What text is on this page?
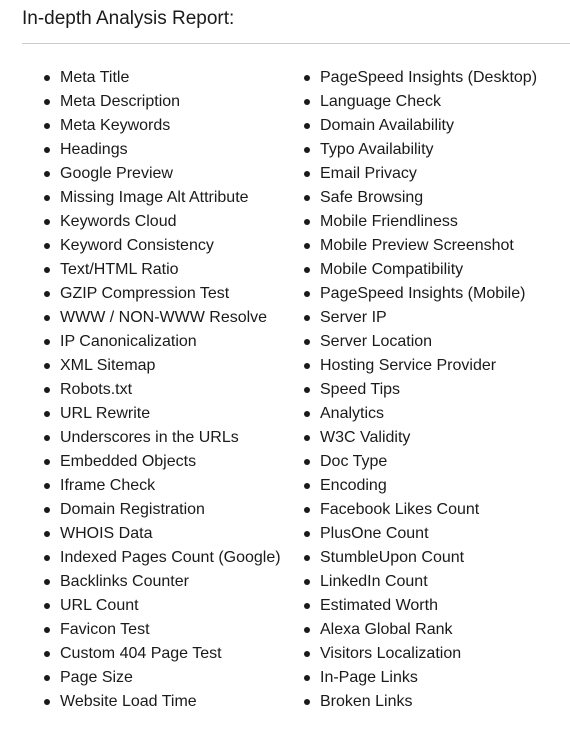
In-depth Analysis Report:
Meta Title
Meta Description
Meta Keywords
Headings
Google Preview
Missing Image Alt Attribute
Keywords Cloud
Keyword Consistency
Text/HTML Ratio
GZIP Compression Test
WWW / NON-WWW Resolve
IP Canonicalization
XML Sitemap
Robots.txt
URL Rewrite
Underscores in the URLs
Embedded Objects
Iframe Check
Domain Registration
WHOIS Data
Indexed Pages Count (Google)
Backlinks Counter
URL Count
Favicon Test
Custom 404 Page Test
Page Size
Website Load Time
PageSpeed Insights (Desktop)
Language Check
Domain Availability
Typo Availability
Email Privacy
Safe Browsing
Mobile Friendliness
Mobile Preview Screenshot
Mobile Compatibility
PageSpeed Insights (Mobile)
Server IP
Server Location
Hosting Service Provider
Speed Tips
Analytics
W3C Validity
Doc Type
Encoding
Facebook Likes Count
PlusOne Count
StumbleUpon Count
LinkedIn Count
Estimated Worth
Alexa Global Rank
Visitors Localization
In-Page Links
Broken Links
